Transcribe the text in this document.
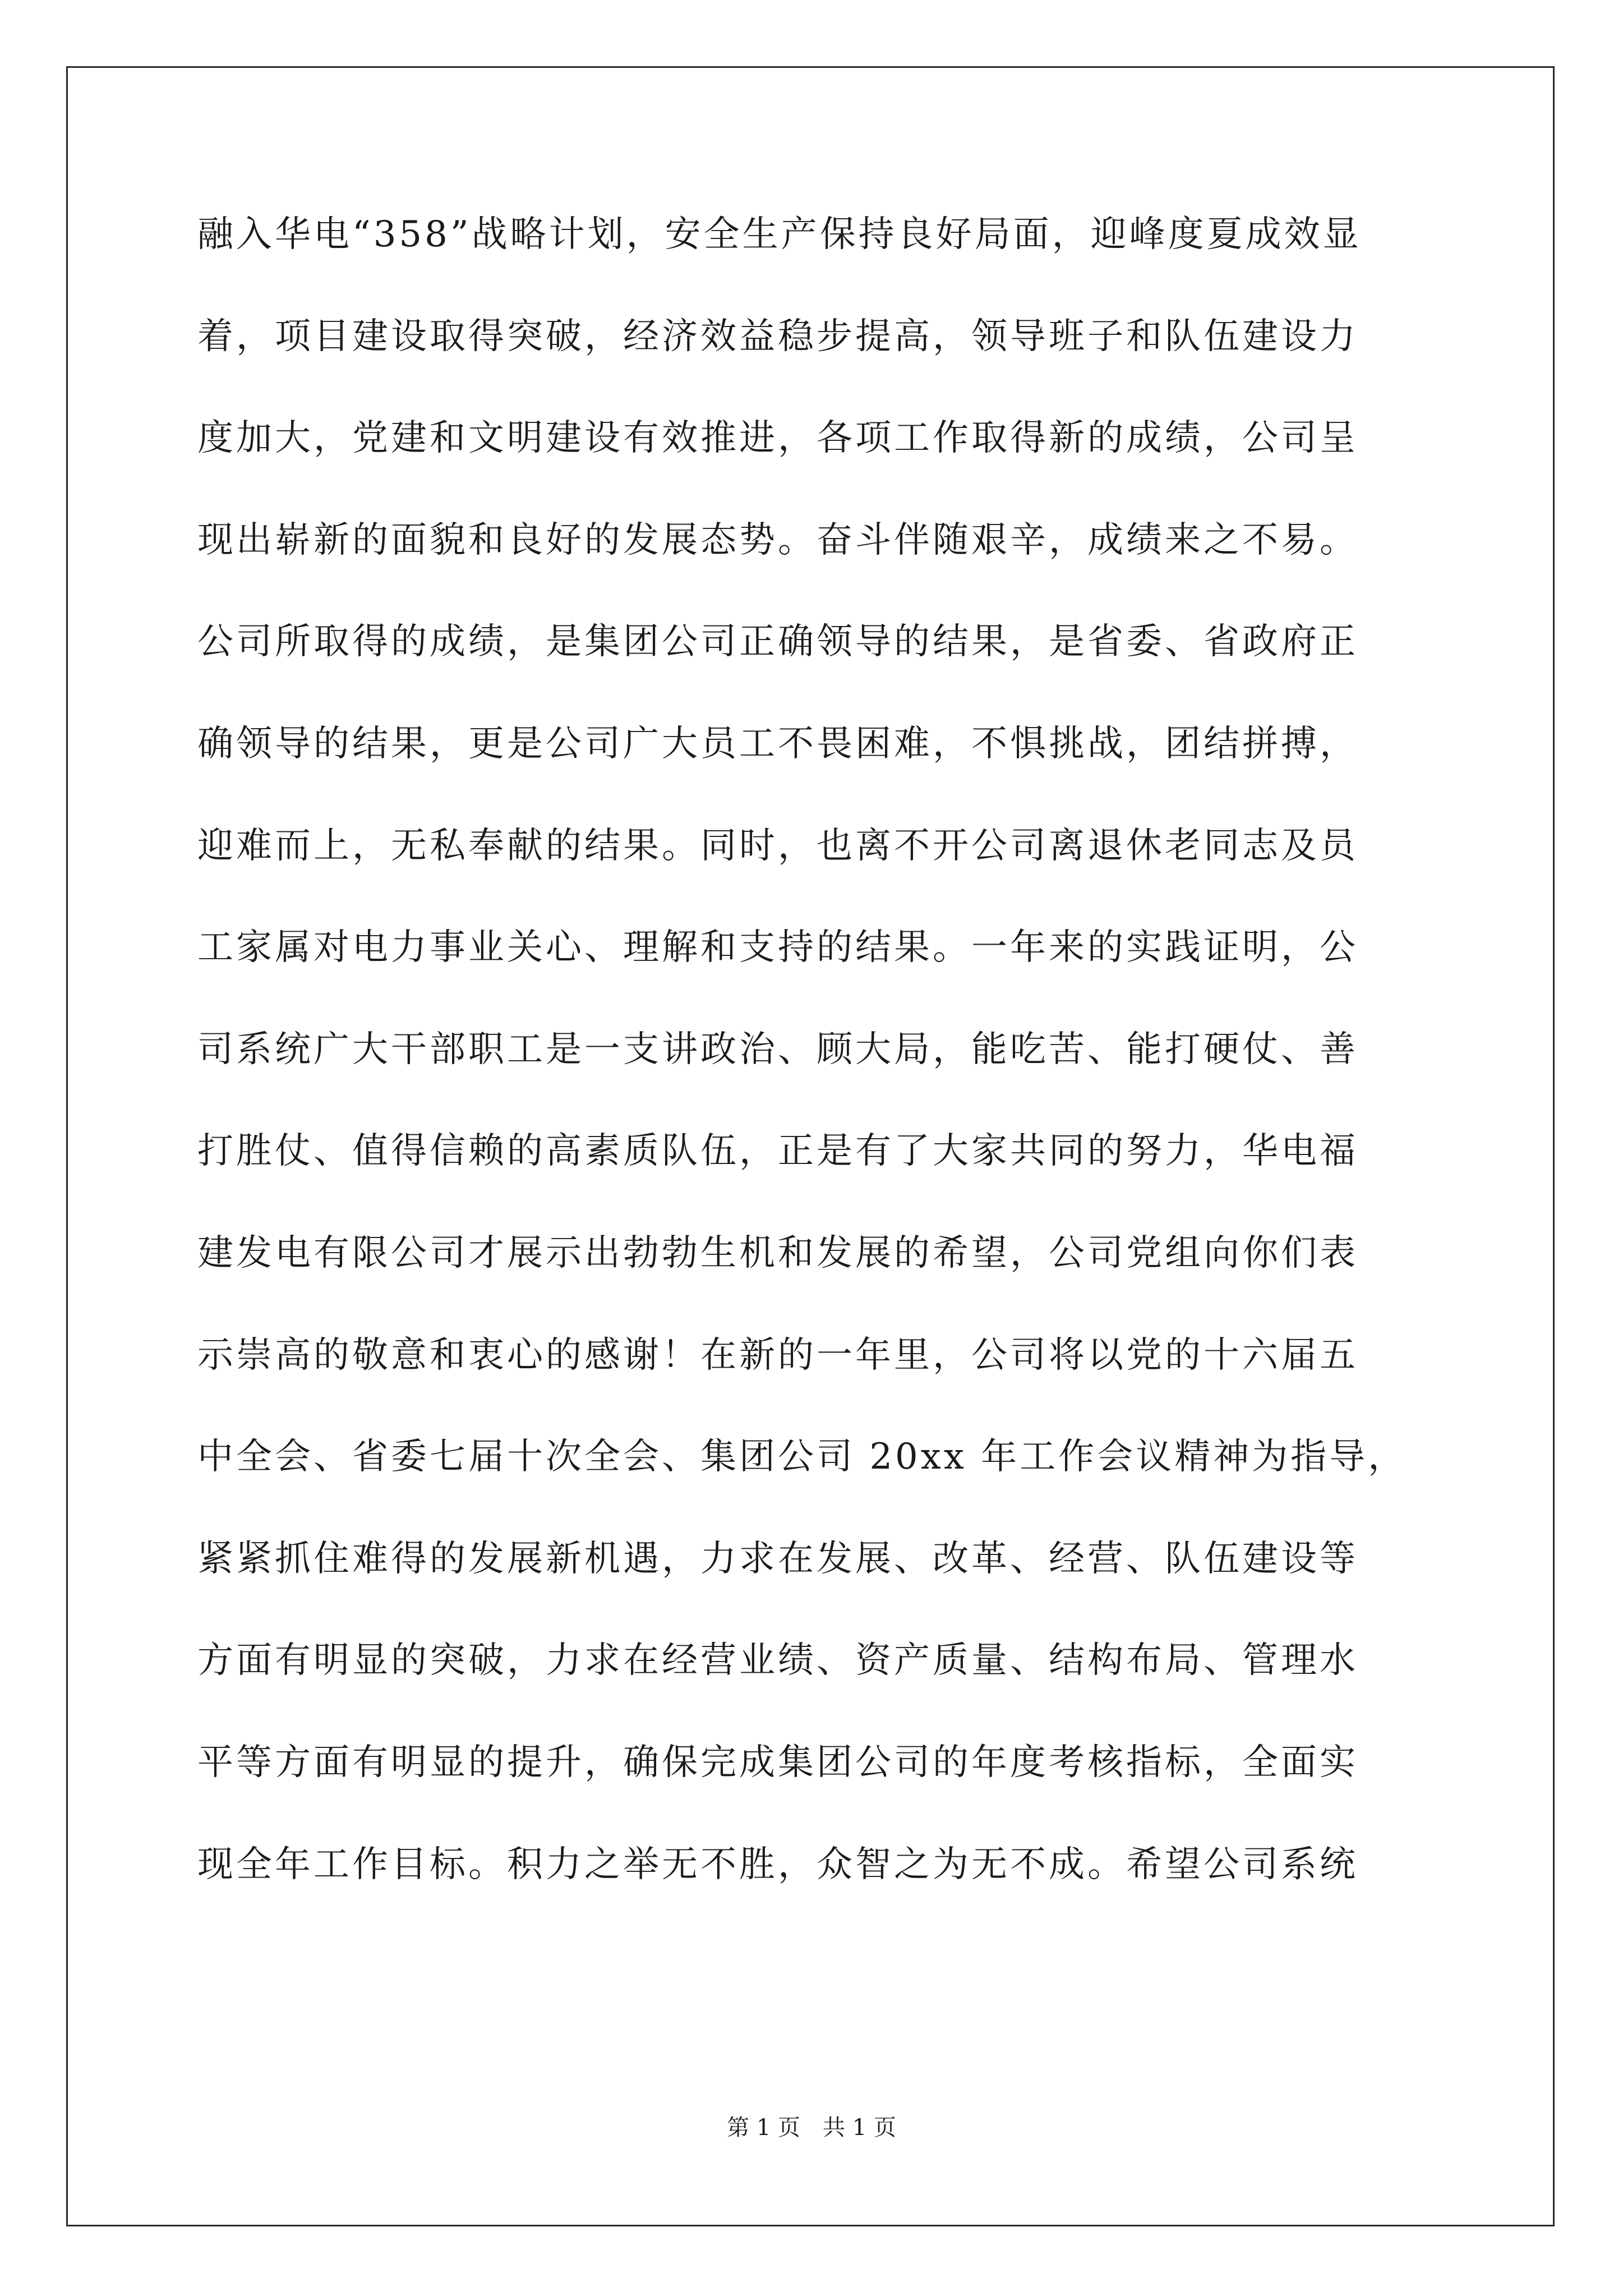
融入华电“358”战略计划，安全生产保持良好局面，迎峰度夏成效显
着，项目建设取得突破，经济效益稳步提高，领导班子和队伍建设力
度加大，党建和文明建设有效推进，各项工作取得新的成绩，公司呈
现出崭新的面貌和良好的发展态势。奋斗伴随艰辛，成绩来之不易。
公司所取得的成绩，是集团公司正确领导的结果，是省委、省政府正
确领导的结果，更是公司广大员工不畏困难，不惧挑战，团结拼搏，
迎难而上，无私奉献的结果。同时，也离不开公司离退休老同志及员
工家属对电力事业关心、理解和支持的结果。一年来的实践证明，公
司系统广大干部职工是一支讲政治、顾大局，能吃苦、能打硬仗、善
打胜仗、值得信赖的高素质队伍，正是有了大家共同的努力，华电福
建发电有限公司才展示出勃勃生机和发展的希望，公司党组向你们表
示崇高的敬意和衷心的感谢！在新的一年里，公司将以党的十六届五
中全会、省委七届十次全会、集团公司 20xx 年工作会议精神为指导，
紧紧抓住难得的发展新机遇，力求在发展、改革、经营、队伍建设等
方面有明显的突破，力求在经营业绩、资产质量、结构布局、管理水
平等方面有明显的提升，确保完成集团公司的年度考核指标，全面实
现全年工作目标。积力之举无不胜，众智之为无不成。希望公司系统
第 1 页 共 1 页
